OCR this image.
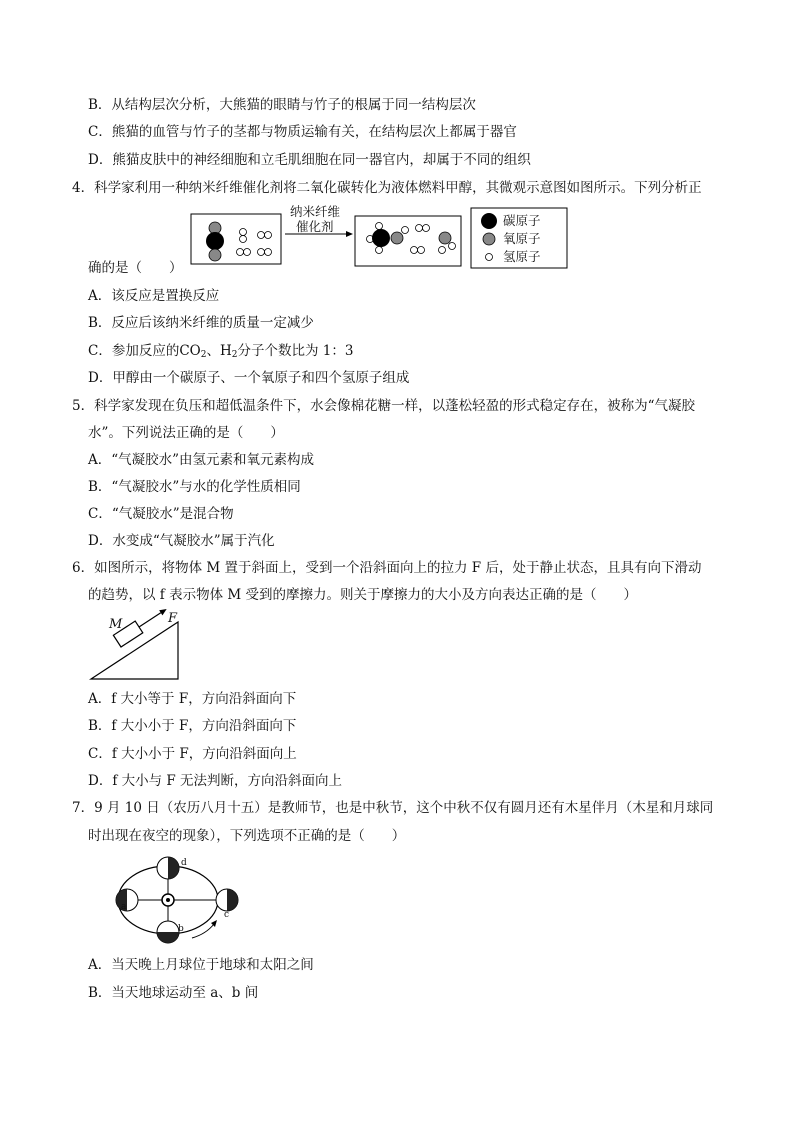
B．从结构层次分析，大熊猫的眼睛与竹子的根属于同一结构层次
C．熊猫的血管与竹子的茎都与物质运输有关，在结构层次上都属于器官
D．熊猫皮肤中的神经细胞和立毛肌细胞在同一器官内，却属于不同的组织
4．科学家利用一种纳米纤维催化剂将二氧化碳转化为液体燃料甲醇，其微观示意图如图所示。下列分析正
纳米纤维
催化剂	碳原子
氧原子
氢原子
确的是（　　）
A．该反应是置换反应
B．反应后该纳米纤维的质量一定减少
C．参加反应的$CO_2$、$H_2$分子个数比为 1：3
D．甲醇由一个碳原子、一个氧原子和四个氢原子组成
5．科学家发现在负压和超低温条件下，水会像棉花糖一样，以蓬松轻盈的形式稳定存在，被称为“气凝胶
水”。下列说法正确的是（　　）
A．“气凝胶水”由氢元素和氧元素构成
B．“气凝胶水”与水的化学性质相同
C．“气凝胶水”是混合物
D．水变成“气凝胶水”属于汽化
6．如图所示，将物体 M 置于斜面上，受到一个沿斜面向上的拉力 F 后，处于静止状态，且具有向下滑动
的趋势，以 f 表示物体 M 受到的摩擦力。则关于摩擦力的大小及方向表达正确的是（　　）
M	F
A．f 大小等于 F，方向沿斜面向下
B．f 大小小于 F，方向沿斜面向下
C．f 大小小于 F，方向沿斜面向上
D．f 大小与 F 无法判断，方向沿斜面向上
7．9 月 10 日（农历八月十五）是教师节，也是中秋节，这个中秋不仅有圆月还有木星伴月（木星和月球同
时出现在夜空的现象），下列选项不正确的是（　　）
a
b
c
d
A．当天晚上月球位于地球和太阳之间
B．当天地球运动至 a、b 间
